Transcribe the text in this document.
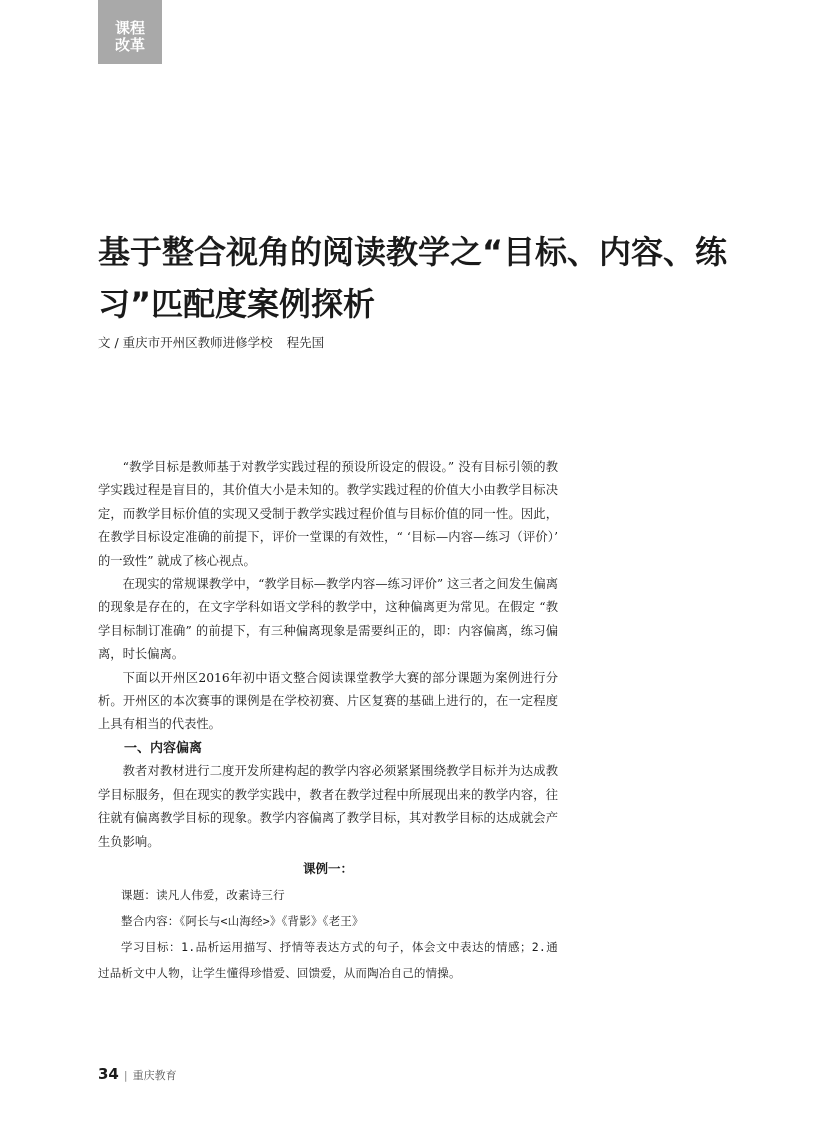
课程
改革
基于整合视角的阅读教学之“目标、内容、练习”匹配度案例探析
文 / 重庆市开州区教师进修学校 程先国

“教学目标是教师基于对教学实践过程的预设所设定的假设。” 没有目标引领的教学实践过程是盲目的，其价值大小是未知的。教学实践过程的价值大小由教学目标决定，而教学目标价值的实现又受制于教学实践过程价值与目标价值的同一性。因此，在教学目标设定准确的前提下，评价一堂课的有效性，“ ‘目标—内容—练习（评价）’ 的一致性” 就成了核心视点。

在现实的常规课教学中，“教学目标—教学内容—练习评价” 这三者之间发生偏离的现象是存在的，在文字学科如语文学科的教学中，这种偏离更为常见。在假定 “教学目标制订准确” 的前提下，有三种偏离现象是需要纠正的，即：内容偏离，练习偏离，时长偏离。

下面以开州区2016年初中语文整合阅读课堂教学大赛的部分课题为案例进行分析。开州区的本次赛事的课例是在学校初赛、片区复赛的基础上进行的，在一定程度上具有相当的代表性。

一、内容偏离

教者对教材进行二度开发所建构起的教学内容必须紧紧围绕教学目标并为达成教学目标服务，但在现实的教学实践中，教者在教学过程中所展现出来的教学内容，往往就有偏离教学目标的现象。教学内容偏离了教学目标，其对教学目标的达成就会产生负影响。

课例一：

课题：读凡人伟爱，改素诗三行

整合内容：《阿长与<山海经>》《背影》《老王》

学习目标：1.品析运用描写、抒情等表达方式的句子，体会文中表达的情感；2.通过品析文中人物，让学生懂得珍惜爱、回馈爱，从而陶冶自己的情操。

34 | 重庆教育
